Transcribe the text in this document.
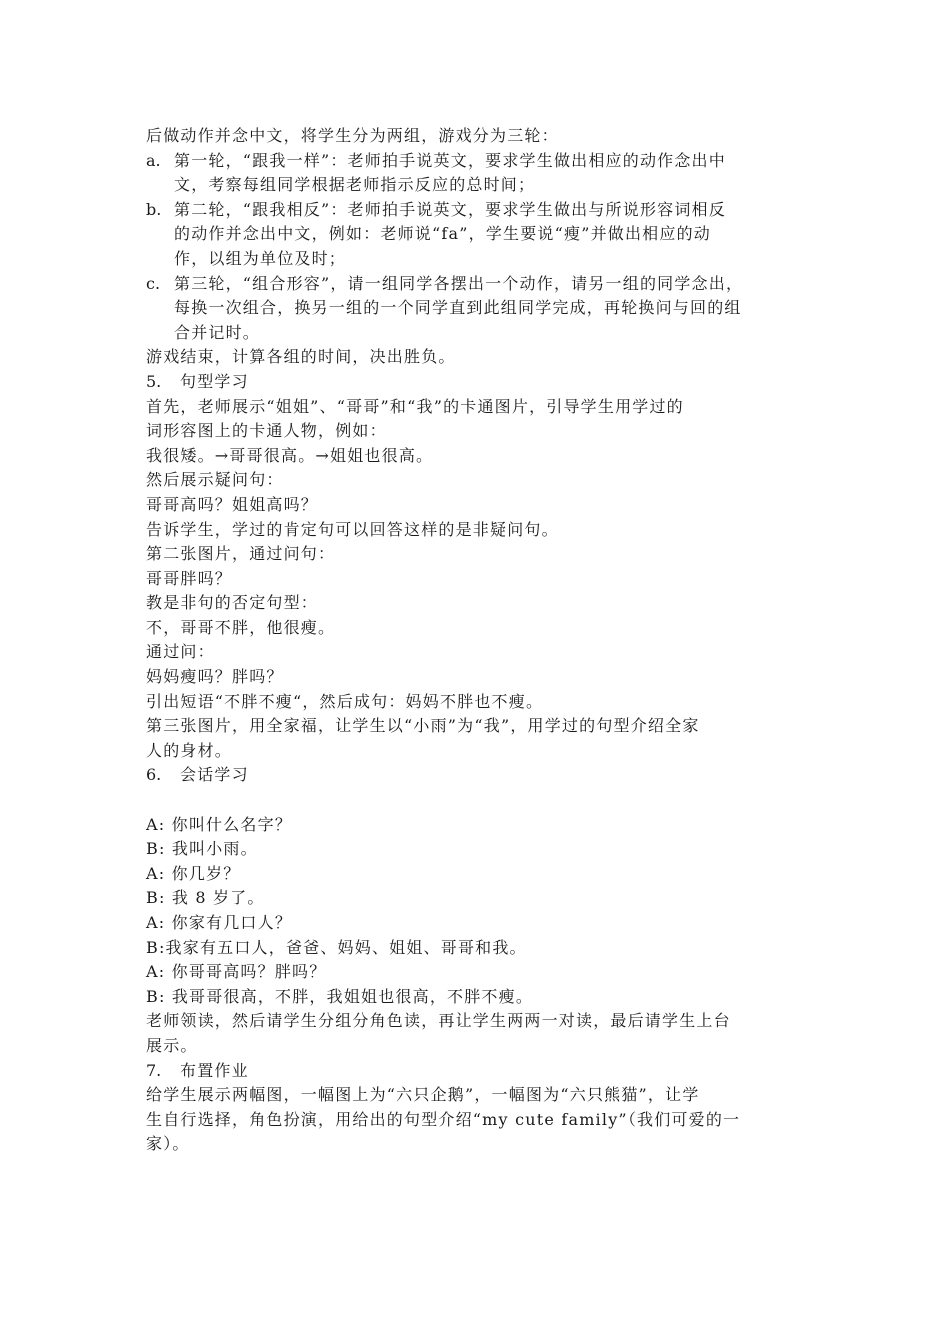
后做动作并念中文，将学生分为两组，游戏分为三轮：
a. 第一轮，“跟我一样”：老师拍手说英文，要求学生做出相应的动作念出中
文，考察每组同学根据老师指示反应的总时间；
b. 第二轮，“跟我相反”：老师拍手说英文，要求学生做出与所说形容词相反
的动作并念出中文，例如：老师说“fa”，学生要说“瘦”并做出相应的动
作，以组为单位及时；
c. 第三轮，“组合形容”，请一组同学各摆出一个动作，请另一组的同学念出，
每换一次组合，换另一组的一个同学直到此组同学完成，再轮换问与回的组
合并记时。
游戏结束，计算各组的时间，决出胜负。
5.	句型学习
首先，老师展示“姐姐”、“哥哥”和“我”的卡通图片，引导学生用学过的
词形容图上的卡通人物，例如：
我很矮。→哥哥很高。→姐姐也很高。
然后展示疑问句：
哥哥高吗？姐姐高吗？
告诉学生，学过的肯定句可以回答这样的是非疑问句。
第二张图片，通过问句：
哥哥胖吗？
教是非句的否定句型：
不，哥哥不胖，他很瘦。
通过问：
妈妈瘦吗？胖吗？
引出短语“不胖不瘦“，然后成句：妈妈不胖也不瘦。
第三张图片，用全家福，让学生以“小雨”为“我”，用学过的句型介绍全家
人的身材。
6.	会话学习
A: 你叫什么名字？
B: 我叫小雨。
A: 你几岁？
B: 我 8 岁了。
A: 你家有几口人？
B:我家有五口人，爸爸、妈妈、姐姐、哥哥和我。
A: 你哥哥高吗？胖吗？
B: 我哥哥很高，不胖，我姐姐也很高，不胖不瘦。
老师领读，然后请学生分组分角色读，再让学生两两一对读，最后请学生上台
展示。
7.	布置作业
给学生展示两幅图，一幅图上为“六只企鹅”，一幅图为“六只熊猫”，让学
生自行选择，角色扮演，用给出的句型介绍“my cute family”（我们可爱的一
家）。
